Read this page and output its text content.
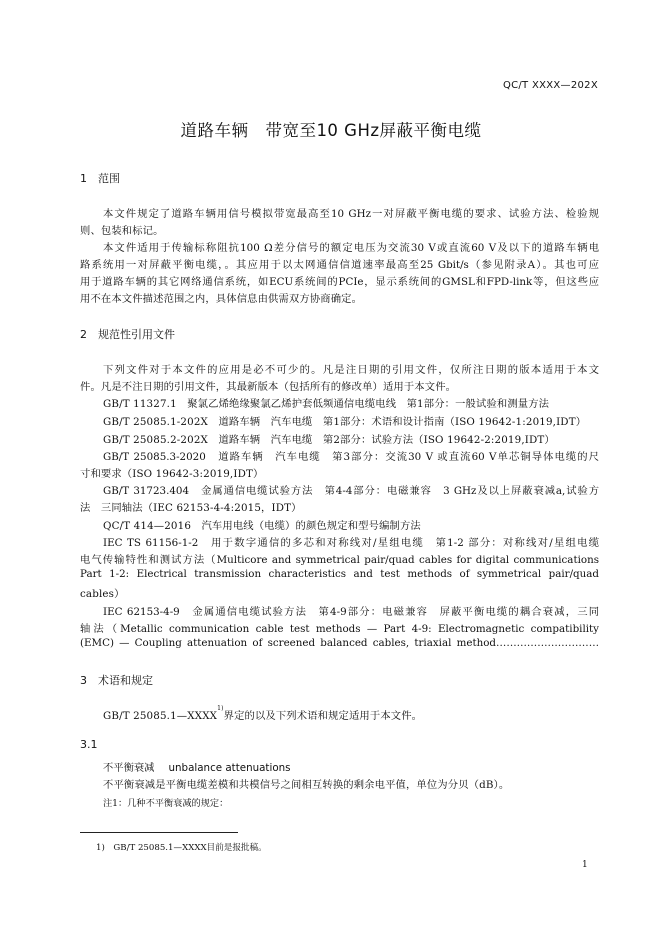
QC/T XXXX—202X
道路车辆　带宽至10 GHz屏蔽平衡电缆
1 范围
本文件规定了道路车辆用信号模拟带宽最高至10 GHz一对屏蔽平衡电缆的要求、试验方法、检验规
则、包装和标记。
本文件适用于传输标称阻抗100 Ω差分信号的额定电压为交流30 V或直流60 V及以下的道路车辆电
路系统用一对屏蔽平衡电缆，。其应用于以太网通信信道速率最高至25 Gbit/s（参见附录A）。其也可应
用于道路车辆的其它网络通信系统，如ECU系统间的PCIe，显示系统间的GMSL和FPD-link等，但这些应
用不在本文件描述范围之内，具体信息由供需双方协商确定。
2 规范性引用文件
下列文件对于本文件的应用是必不可少的。凡是注日期的引用文件，仅所注日期的版本适用于本文
件。凡是不注日期的引用文件，其最新版本（包括所有的修改单）适用于本文件。
GB/T 11327.1　聚氯乙烯绝缘聚氯乙烯护套低频通信电缆电线　第1部分：一般试验和测量方法
GB/T 25085.1-202X　道路车辆　汽车电缆　第1部分：术语和设计指南（ISO 19642-1:2019,IDT）
GB/T 25085.2-202X　道路车辆　汽车电缆　第2部分：试验方法（ISO 19642-2:2019,IDT）
GB/T 25085.3-2020　道路车辆　汽车电缆　第3部分：交流30 V 或直流60 V单芯铜导体电缆的尺
寸和要求（ISO 19642-3:2019,IDT）
GB/T 31723.404　金属通信电缆试验方法　第4-4部分：电磁兼容　3 GHz及以上屏蔽衰减a,试验方
法　三同轴法（IEC 62153-4-4:2015，IDT）
QC/T 414—2016　汽车用电线（电缆）的颜色规定和型号编制方法
IEC TS 61156-1-2　用于数字通信的多芯和对称线对/星组电缆　第1-2 部分：对称线对/星组电缆
电气传输特性和测试方法（Multicore and symmetrical pair/quad cables for digital communications
Part 1-2: Electrical transmission characteristics and test methods of symmetrical pair/quad
cables）
IEC 62153-4-9　金属通信电缆试验方法　第4-9部分：电磁兼容　屏蔽平衡电缆的耦合衰减，三同
轴法（Metallic communication cable test methods — Part 4-9: Electromagnetic compatibility
(EMC) — Coupling attenuation of screened balanced cables, triaxial method…………………………
3 术语和规定
GB/T 25085.1—XXXX$^{1)}$界定的以及下列术语和规定适用于本文件。
3.1
不平衡衰减 unbalance attenuations
不平衡衰减是平衡电缆差模和共模信号之间相互转换的剩余电平值，单位为分贝（dB）。
注1：几种不平衡衰减的规定：
1)　GB/T 25085.1—XXXX目前是报批稿。
1
